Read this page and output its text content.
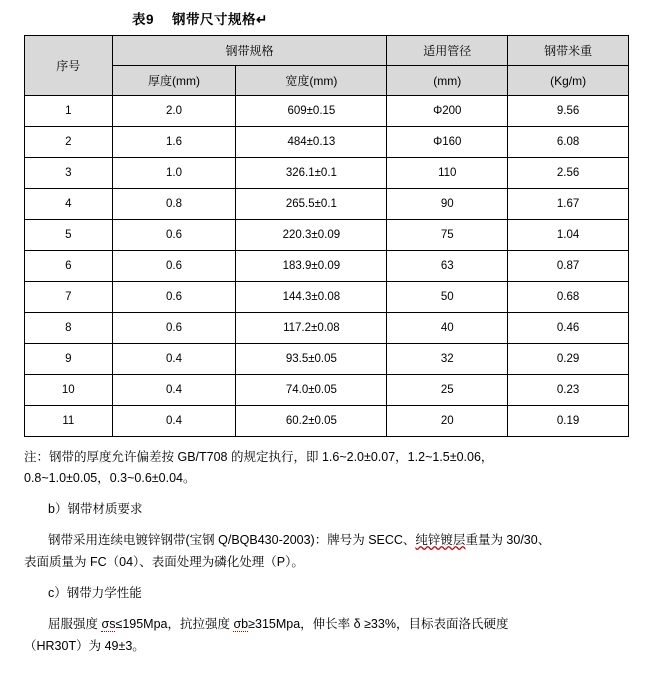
表9 钢带尺寸规格↵
序号	钢带规格		适用管径	钢带米重
	厚度(mm)	宽度(mm)	(mm)	(Kg/m)
1	2.0	609±0.15	Φ200	9.56
2	1.6	484±0.13	Φ160	6.08
3	1.0	326.1±0.1	110	2.56
4	0.8	265.5±0.1	90	1.67
5	0.6	220.3±0.09	75	1.04
6	0.6	183.9±0.09	63	0.87
7	0.6	144.3±0.08	50	0.68
8	0.6	117.2±0.08	40	0.46
9	0.4	93.5±0.05	32	0.29
10	0.4	74.0±0.05	25	0.23
11	0.4	60.2±0.05	20	0.19
注：钢带的厚度允许偏差按 GB/T708 的规定执行，即 1.6~2.0±0.07，1.2~1.5±0.06，
0.8~1.0±0.05，0.3~0.6±0.04。
b）钢带材质要求
钢带采用连续电镀锌钢带(宝钢 Q/BQB430-2003)：牌号为 SECC、纯锌镀层重量为 30/30、
表面质量为 FC（04）、表面处理为磷化处理（P）。
c）钢带力学性能
屈服强度 σs≤195Mpa，抗拉强度 σb≥315Mpa，伸长率 δ ≥33%，目标表面洛氏硬度
（HR30T）为 49±3。
